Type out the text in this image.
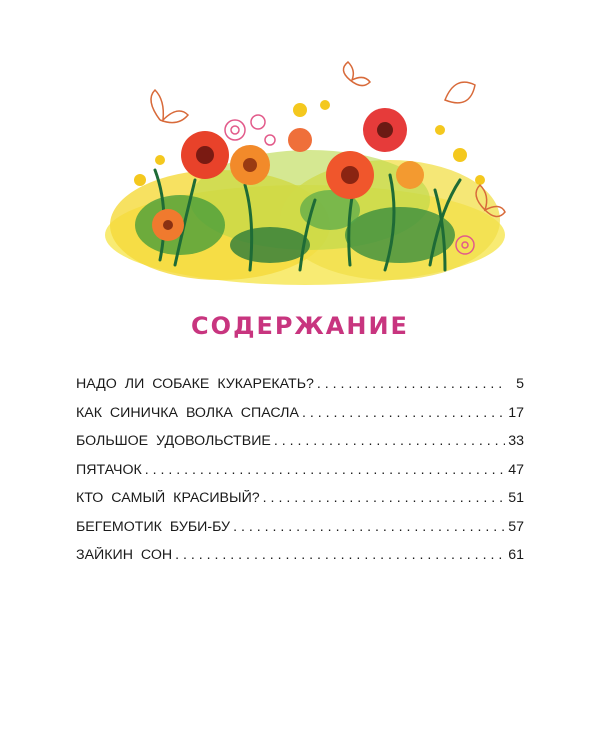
СОДЕРЖАНИЕ
НАДО ЛИ СОБАКЕ КУКАРЕКАТЬ? . . .	5
КАК СИНИЧКА ВОЛКА СПАСЛА . . .	17
БОЛЬШОЕ УДОВОЛЬСТВИЕ . . .	33
ПЯТАЧОК . . .	47
КТО САМЫЙ КРАСИВЫЙ? . . .	51
БЕГЕМОТИК БУБИ-БУ . . .	57
ЗАЙКИН СОН . . .	61
